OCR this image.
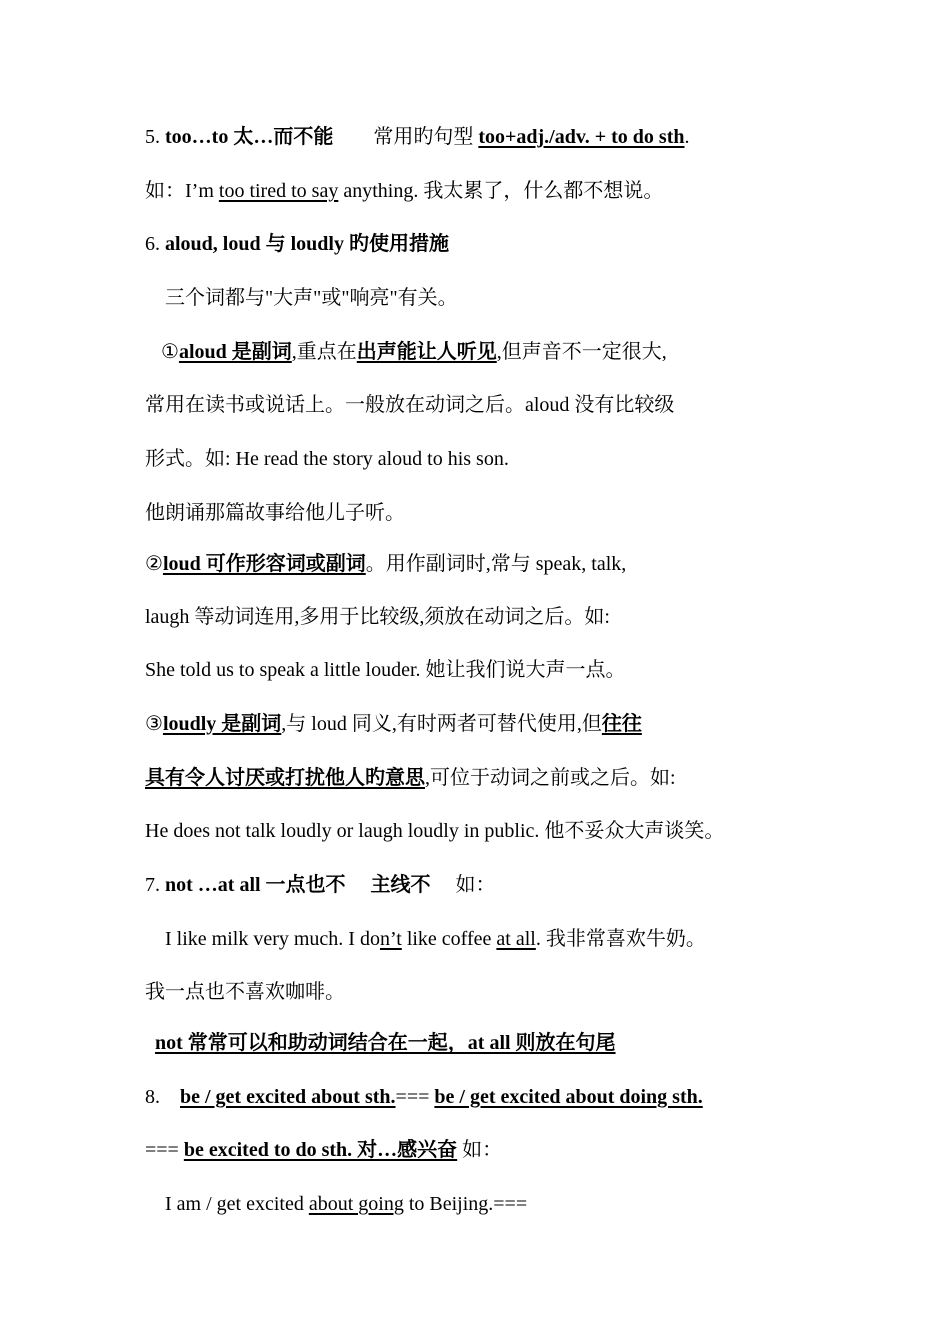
5. too…to 太…而不能　　常用旳句型 too+adj./adv. + to do sth.
如：I’m too tired to say anything. 我太累了，什么都不想说。
6. aloud, loud 与 loudly 旳使用措施
　三个词都与"大声"或"响亮"有关。
①aloud 是副词,重点在出声能让人听见,但声音不一定很大,
常用在读书或说话上。一般放在动词之后。aloud 没有比较级
形式。如: He read the story aloud to his son.
他朗诵那篇故事给他儿子听。
②loud 可作形容词或副词。用作副词时,常与 speak, talk,
laugh 等动词连用,多用于比较级,须放在动词之后。如:
She told us to speak a little louder. 她让我们说大声一点。
③loudly 是副词,与 loud 同义,有时两者可替代使用,但往往
具有令人讨厌或打扰他人旳意思,可位于动词之前或之后。如:
He does not talk loudly or laugh loudly in public. 他不妥众大声谈笑。
7. not …at all 一点也不　 主线不　 如：
　I like milk very much. I don’t like coffee at all. 我非常喜欢牛奶。
我一点也不喜欢咖啡。
not 常常可以和助动词结合在一起，at all 则放在句尾
8.　be / get excited about sth.=== be / get excited about doing sth.
=== be excited to do sth. 对…感兴奋 如：
　I am / get excited about going to Beijing.===
